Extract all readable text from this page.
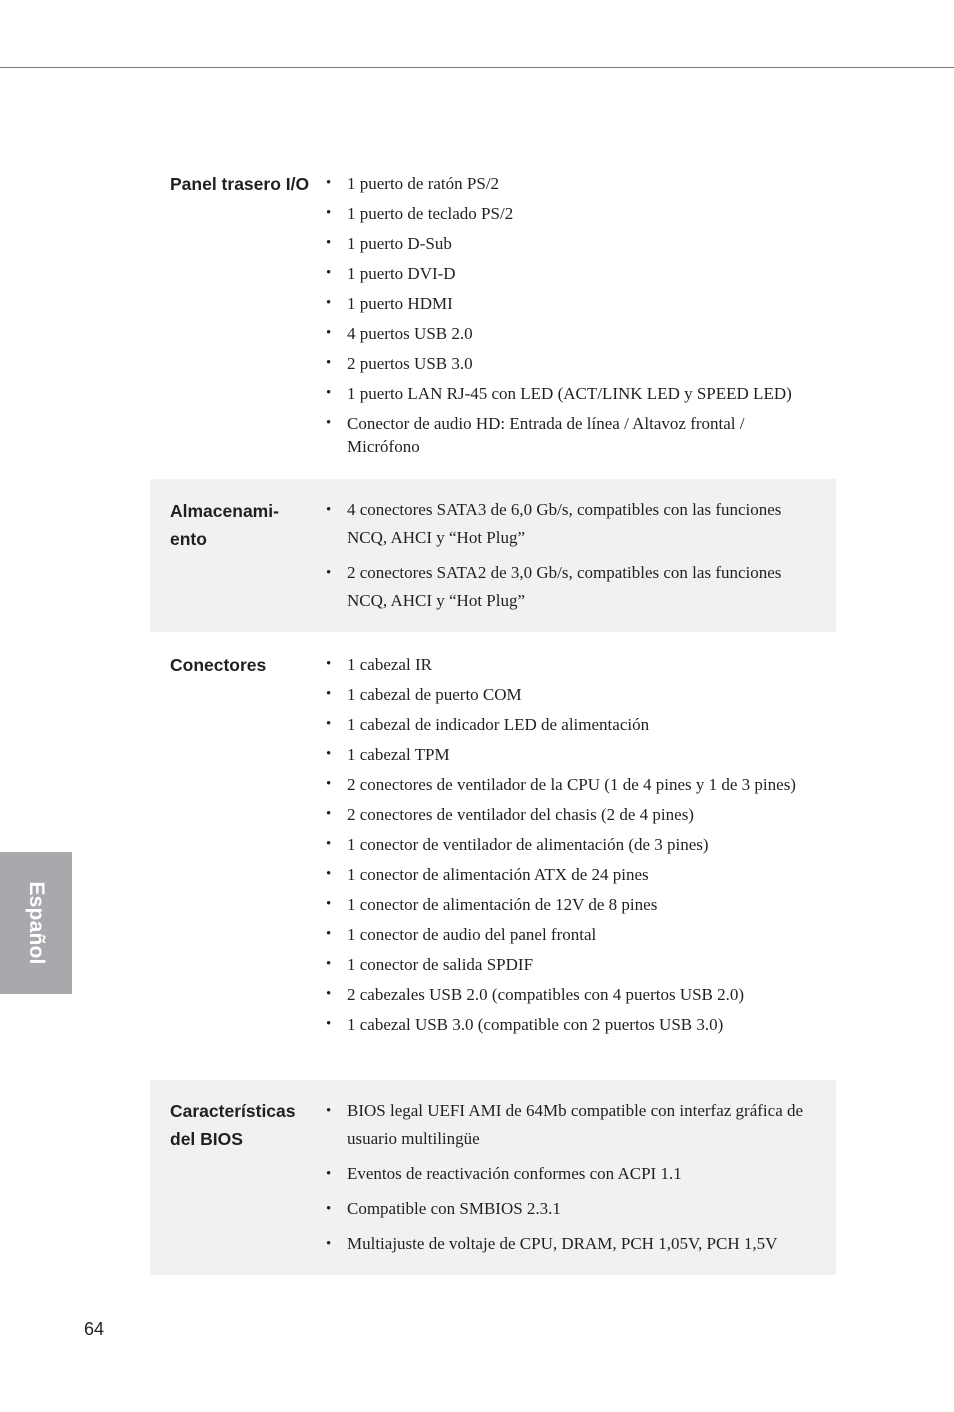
Panel trasero I/O	• 1 puerto de ratón PS/2
• 1 puerto de teclado PS/2
• 1 puerto D-Sub
• 1 puerto DVI-D
• 1 puerto HDMI
• 4 puertos USB 2.0
• 2 puertos USB 3.0
• 1 puerto LAN RJ-45 con LED (ACT/LINK LED y SPEED LED)
• Conector de audio HD: Entrada de línea / Altavoz frontal / Micrófono
Almacenami-ento
• 4 conectores SATA3 de 6,0 Gb/s, compatibles con las funciones NCQ, AHCI y “Hot Plug”
• 2 conectores SATA2 de 3,0 Gb/s, compatibles con las funciones NCQ, AHCI y “Hot Plug”
Conectores	• 1 cabezal IR
• 1 cabezal de puerto COM
• 1 cabezal de indicador LED de alimentación
• 1 cabezal TPM
• 2 conectores de ventilador de la CPU (1 de 4 pines y 1 de 3 pines)
• 2 conectores de ventilador del chasis (2 de 4 pines)
• 1 conector de ventilador de alimentación (de 3 pines)
• 1 conector de alimentación ATX de 24 pines
• 1 conector de alimentación de 12V de 8 pines
• 1 conector de audio del panel frontal
• 1 conector de salida SPDIF
• 2 cabezales USB 2.0 (compatibles con 4 puertos USB 2.0)
• 1 cabezal USB 3.0 (compatible con 2 puertos USB 3.0)
Características del BIOS
• BIOS legal UEFI AMI de 64Mb compatible con interfaz gráfica de usuario multilingüe
• Eventos de reactivación conformes con ACPI 1.1
• Compatible con SMBIOS 2.3.1
• Multiajuste de voltaje de CPU, DRAM, PCH 1,05V, PCH 1,5V
Español
64
